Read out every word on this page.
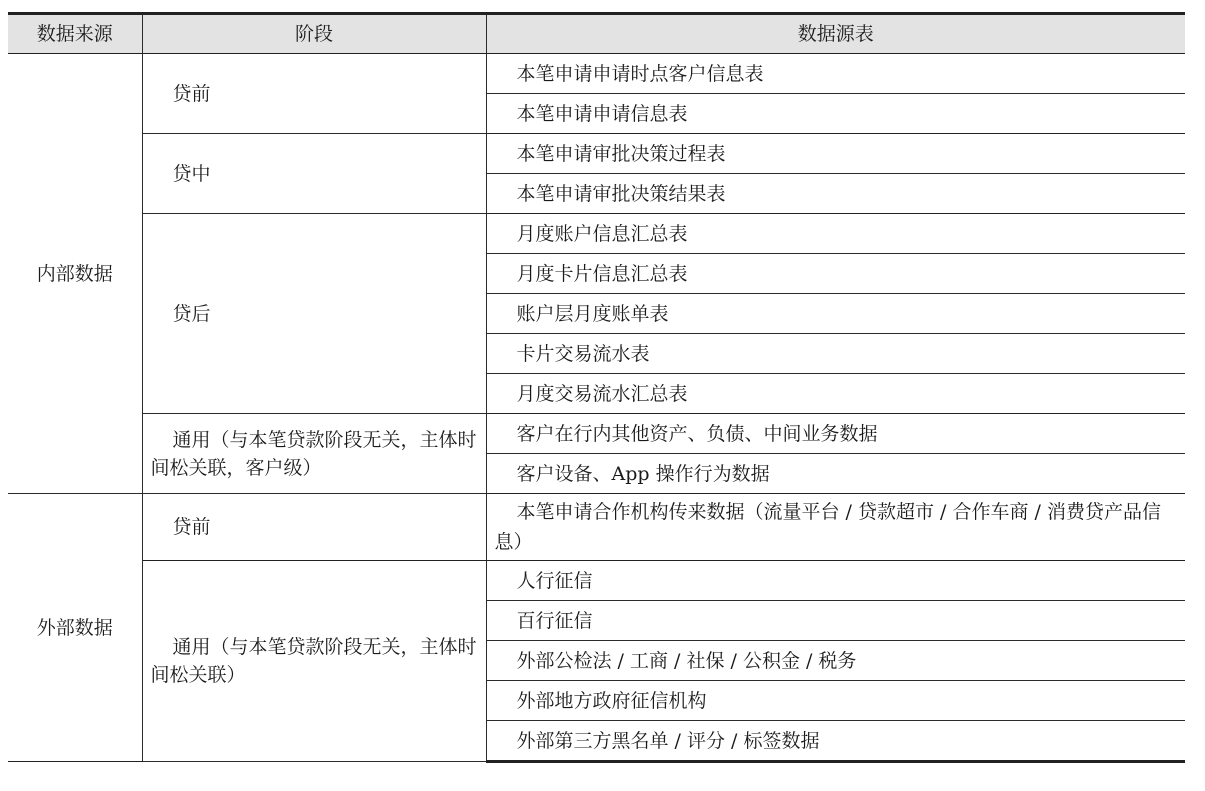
数据来源	阶段	数据源表
内部数据	贷前	本笔申请申请时点客户信息表
		本笔申请申请信息表
	贷中	本笔申请审批决策过程表
		本笔申请审批决策结果表
	贷后	月度账户信息汇总表
		月度卡片信息汇总表
		账户层月度账单表
		卡片交易流水表
		月度交易流水汇总表
	通用（与本笔贷款阶段无关，主体时间松关联，客户级）	客户在行内其他资产、负债、中间业务数据
		客户设备、App 操作行为数据
外部数据	贷前	本笔申请合作机构传来数据（流量平台 / 贷款超市 / 合作车商 / 消费贷产品信息）
	通用（与本笔贷款阶段无关，主体时间松关联）	人行征信
		百行征信
		外部公检法 / 工商 / 社保 / 公积金 / 税务
		外部地方政府征信机构
		外部第三方黑名单 / 评分 / 标签数据
